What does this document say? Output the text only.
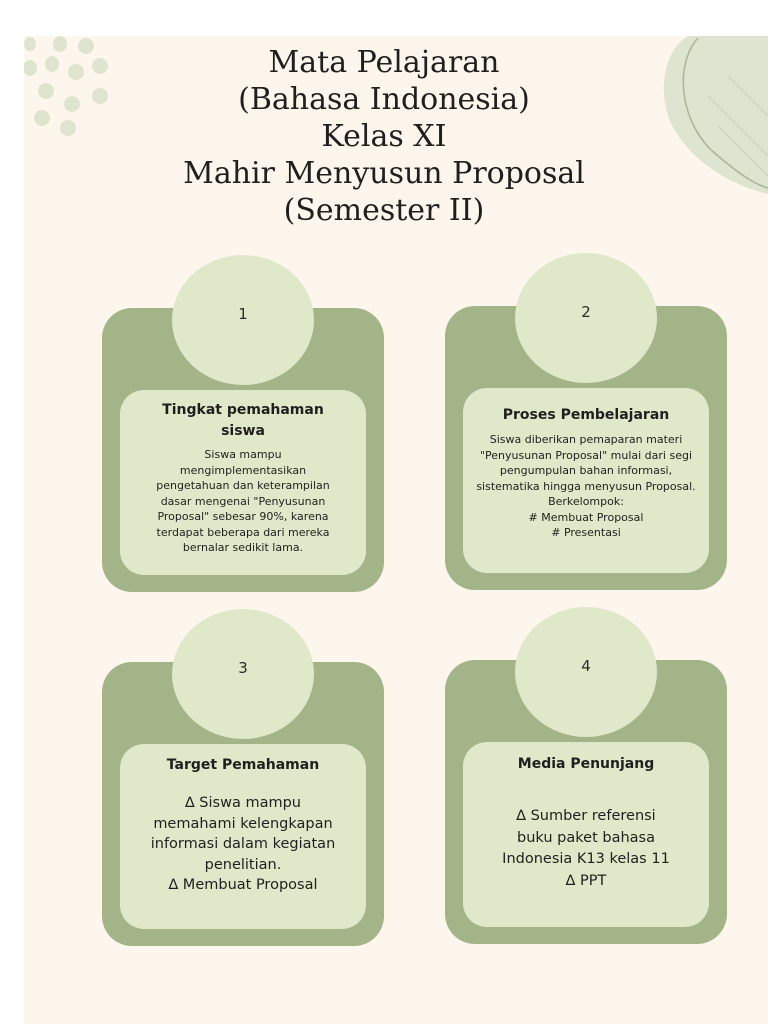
Mata Pelajaran
(Bahasa Indonesia)
Kelas XI
Mahir Menyusun Proposal
(Semester II)
1
Tingkat pemahaman
siswa
Siswa mampu
mengimplementasikan
pengetahuan dan keterampilan
dasar mengenai "Penyusunan
Proposal" sebesar 90%, karena
terdapat beberapa dari mereka
bernalar sedikit lama.
2
Proses Pembelajaran
Siswa diberikan pemaparan materi
"Penyusunan Proposal" mulai dari segi
pengumpulan bahan informasi,
sistematika hingga menyusun Proposal.
Berkelompok:
# Membuat Proposal
# Presentasi
3
Target Pemahaman
∆ Siswa mampu
memahami kelengkapan
informasi dalam kegiatan
penelitian.
∆ Membuat Proposal
4
Media Penunjang
∆ Sumber referensi
buku paket bahasa
Indonesia K13 kelas 11
∆ PPT
